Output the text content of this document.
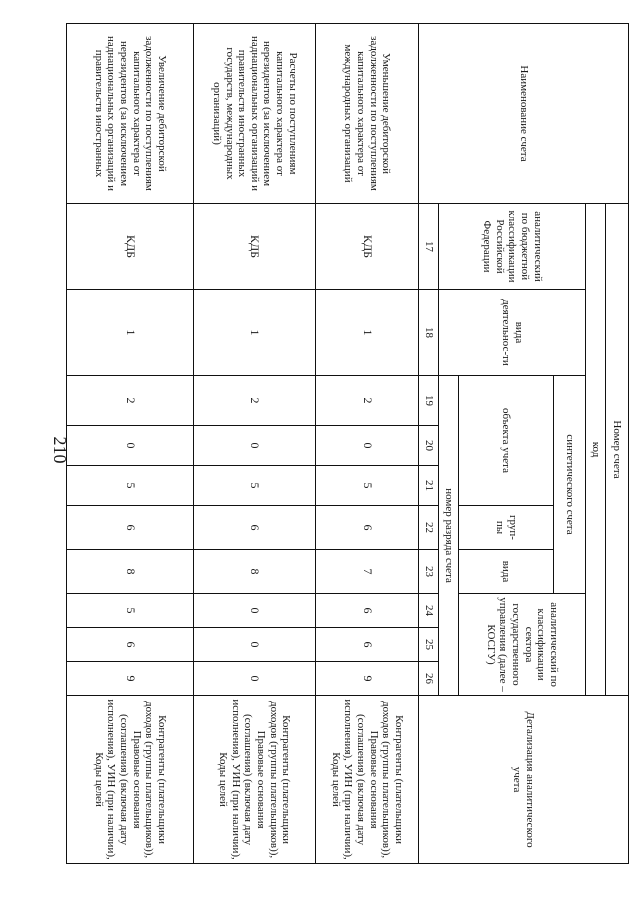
210
Наименование счета	Номер счета										Детализация аналитического учета
	код										
	аналитический по бюджетной классификации Российской Федерации	вида деятельнос-ти	синтетического счета					аналитический по классификации сектора государственного управления (далее – КОСГУ)			
			объекта учета			груп-пы	вида				
			номер разряда счета								
	17	18	19	20	21	22	23	24	25	26	
Уменьшение дебиторской задолженности по поступлениям капитального характера от международных организаций	КДБ	1	2	0	5	6	7	6	6	9	Контрагенты (плательщики доходов (группы плательщиков)), Правовые основания (соглашения) (включая дату исполнения), УИН (при наличии), Коды целей
Расчеты по поступлениям капитального характера от нерезидентов (за исключением наднациональных организаций и правительств иностранных государств, международных организаций)	КДБ	1	2	0	5	6	8	0	0	0	Контрагенты (плательщики доходов (группы плательщиков)), Правовые основания (соглашения) (включая дату исполнения), УИН (при наличии), Коды целей
Увеличение дебиторской задолженности по поступлениям капитального характера от нерезидентов (за исключением наднациональных организаций и правительств иностранных	КДБ	1	2	0	5	6	8	5	6	9	Контрагенты (плательщики доходов (группы плательщиков)), Правовые основания (соглашения) (включая дату исполнения), УИН (при наличии), Коды целей
